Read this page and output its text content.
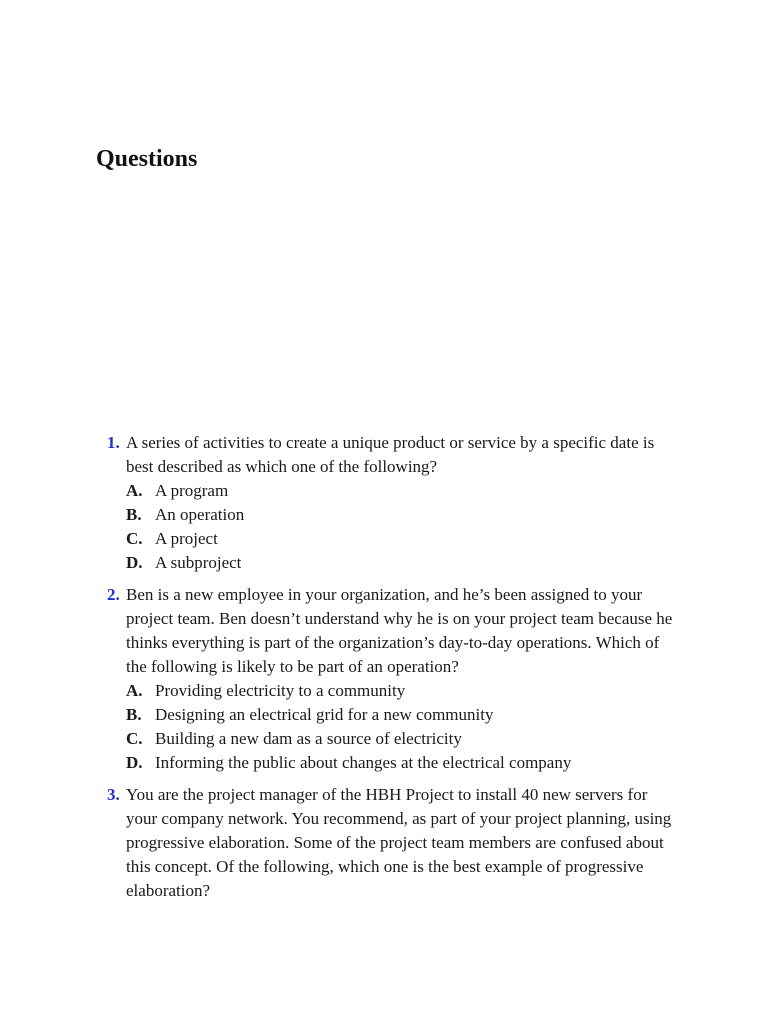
Questions
1. A series of activities to create a unique product or service by a specific date is best described as which one of the following?
A. A program
B. An operation
C. A project
D. A subproject
2. Ben is a new employee in your organization, and he’s been assigned to your project team. Ben doesn’t understand why he is on your project team because he thinks everything is part of the organization’s day-to-day operations. Which of the following is likely to be part of an operation?
A. Providing electricity to a community
B. Designing an electrical grid for a new community
C. Building a new dam as a source of electricity
D. Informing the public about changes at the electrical company
3. You are the project manager of the HBH Project to install 40 new servers for your company network. You recommend, as part of your project planning, using progressive elaboration. Some of the project team members are confused about this concept. Of the following, which one is the best example of progressive elaboration?
